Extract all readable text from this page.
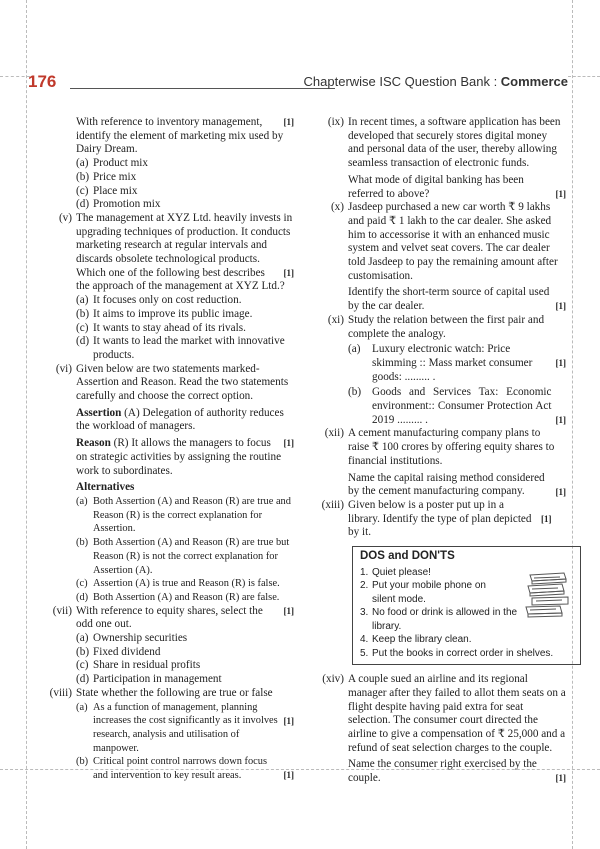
176	Chapterwise ISC Question Bank : Commerce

[1]
With reference to inventory management, identify the element of marketing mix used by Dairy Dream.

(a) Product mix

(b) Price mix

(c) Place mix

(d) Promotion mix

(v) The management at XYZ Ltd. heavily invests in upgrading techniques of production. It conducts marketing research at regular intervals and discards obsolete technological products.

[1]
Which one of the following best describes the approach of the management at XYZ Ltd.?

(a) It focuses only on cost reduction.

(b) It aims to improve its public image.

(c) It wants to stay ahead of its rivals.

(d) It wants to lead the market with innovative products.

(vi) Given below are two statements marked- Assertion and Reason. Read the two statements carefully and choose the correct option.

Assertion (A) Delegation of authority reduces the workload of managers.

[1]
Reason (R) It allows the managers to focus on strategic activities by assigning the routine work to subordinates.

Alternatives

(a) Both Assertion (A) and Reason (R) are true and Reason (R) is the correct explanation for Assertion.

(b) Both Assertion (A) and Reason (R) are true but Reason (R) is not the correct explanation for Assertion (A).

(c) Assertion (A) is true and Reason (R) is false.

(d) Both Assertion (A) and Reason (R) are false.

(vii)	[1]
With reference to equity shares, select the odd one out.

(a) Ownership securities

(b) Fixed dividend

(c) Share in residual profits

(d) Participation in management

(viii) State whether the following are true or false

[1]
(a) As a function of management, planning increases the cost significantly as it involves research, analysis and utilisation of manpower.

[1]
(b) Critical point control narrows down focus and intervention to key result areas.

(ix) In recent times, a software application has been developed that securely stores digital money and personal data of the user, thereby allowing seamless transaction of electronic funds.

[1]
What mode of digital banking has been referred to above?

(x) Jasdeep purchased a new car worth ₹ 9 lakhs and paid ₹ 1 lakh to the car dealer. She asked him to accessorise it with an enhanced music system and velvet seat covers. The car dealer told Jasdeep to pay the remaining amount after customisation.

[1]
Identify the short-term source of capital used by the car dealer.

(xi) Study the relation between the first pair and complete the analogy.

[1]
(a) Luxury electronic watch: Price skimming :: Mass market consumer goods: ......... .

[1]
(b) Goods and Services Tax: Economic environment:: Consumer Protection Act 2019 ......... .

(xii) A cement manufacturing company plans to raise ₹ 100 crores by offering equity shares to financial institutions.

[1]
Name the capital raising method considered by the cement manufacturing company.

(xiii)

[1]
Given below is a poster put up in a library. Identify the type of plan depicted by it.

DOS and DON'TS

1. Quiet please!

2. Put your mobile phone on silent mode.

3. No food or drink is allowed in the library.

4. Keep the library clean.

5. Put the books in correct order in shelves.

(xiv) A couple sued an airline and its regional manager after they failed to allot them seats on a flight despite having paid extra for seat selection. The consumer court directed the airline to give a compensation of ₹ 25,000 and a refund of seat selection charges to the couple.

[1]
Name the consumer right exercised by the couple.
